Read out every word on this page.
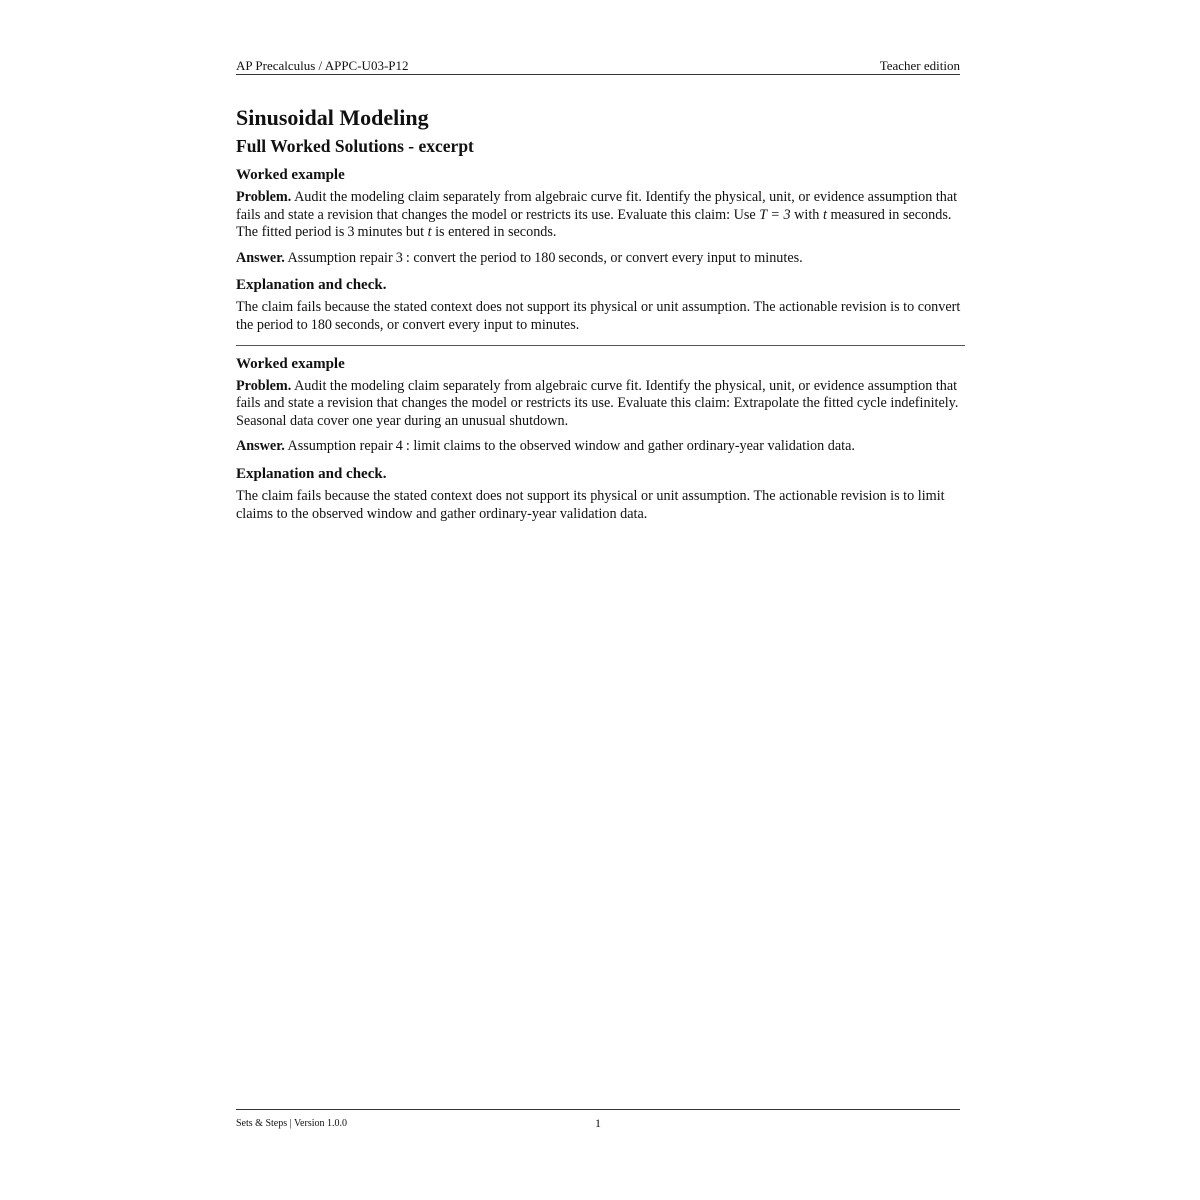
AP Precalculus / APPC-U03-P12	Teacher edition
Sinusoidal Modeling
Full Worked Solutions - excerpt
Worked example

Problem. Audit the modeling claim separately from algebraic curve fit. Identify the physical, unit, or evidence assumption that fails and state a revision that changes the model or restricts its use. Evaluate this claim: Use T = 3 with t measured in seconds. The fitted period is 3 minutes but t is entered in seconds.

Answer. Assumption repair 3 : convert the period to 180 seconds, or convert every input to minutes.

Explanation and check.

The claim fails because the stated context does not support its physical or unit assumption. The actionable revision is to convert the period to 180 seconds, or convert every input to minutes.

Worked example

Problem. Audit the modeling claim separately from algebraic curve fit. Identify the physical, unit, or evidence assumption that fails and state a revision that changes the model or restricts its use. Evaluate this claim: Extrapolate the fitted cycle indefinitely. Seasonal data cover one year during an unusual shutdown.

Answer. Assumption repair 4 : limit claims to the observed window and gather ordinary-year validation data.

Explanation and check.

The claim fails because the stated context does not support its physical or unit assumption. The actionable revision is to limit claims to the observed window and gather ordinary-year validation data.

Sets & Steps | Version 1.0.0	1
